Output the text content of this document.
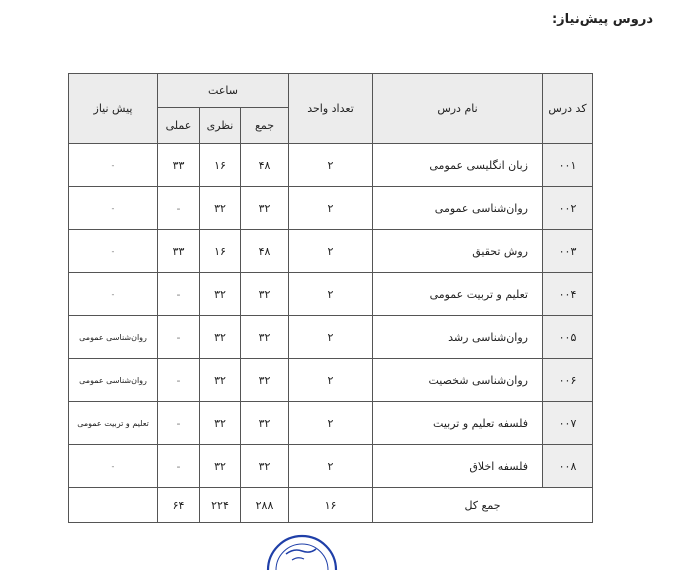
دروس پیش‌نیاز:
کد درس	نام درس	تعداد واحد	ساعت			پیش نیاز
			جمع	نظری	عملی	
۰۰۱	زبان انگلیسی عمومی	۲	۴۸	۱۶	۳۳	-
۰۰۲	روان‌شناسی عمومی	۲	۳۲	۳۲	-	-
۰۰۳	روش تحقیق	۲	۴۸	۱۶	۳۳	-
۰۰۴	تعلیم و تربیت عمومی	۲	۳۲	۳۲	-	-
۰۰۵	روان‌شناسی رشد	۲	۳۲	۳۲	-	روان‌شناسی عمومی
۰۰۶	روان‌شناسی شخصیت	۲	۳۲	۳۲	-	روان‌شناسی عمومی
۰۰۷	فلسفه تعلیم و تربیت	۲	۳۲	۳۲	-	تعلیم و تربیت عمومی
۰۰۸	فلسفه اخلاق	۲	۳۲	۳۲	-	-
جمع کل		۱۶	۲۸۸	۲۲۴	۶۴	
